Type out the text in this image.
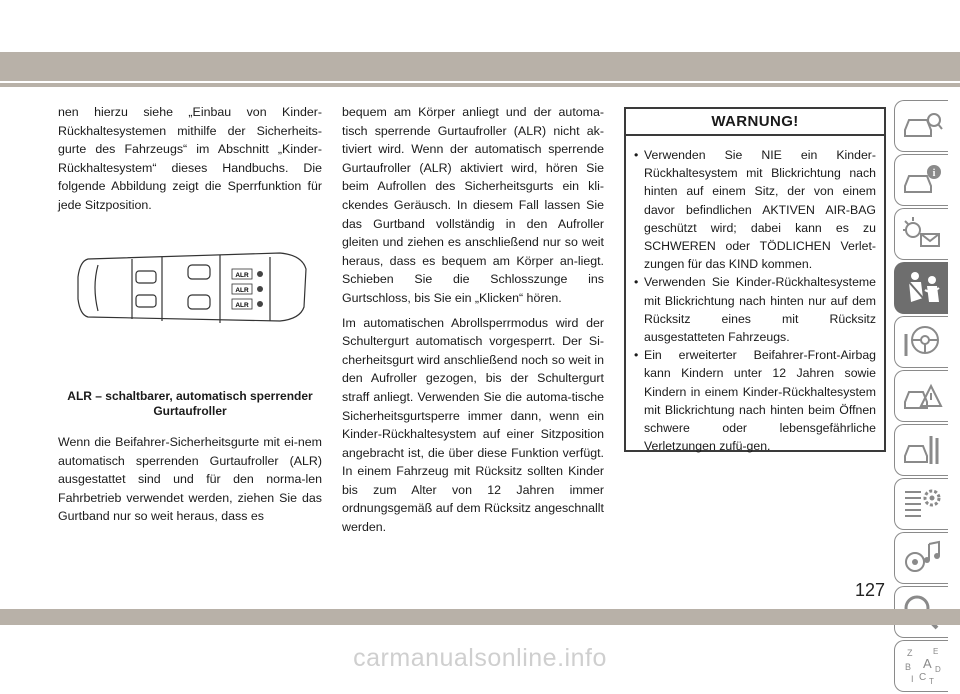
nen hierzu siehe „Einbau von Kinder-Rückhaltesystemen mithilfe der Sicherheits-gurte des Fahrzeugs“ im Abschnitt „Kinder-Rückhaltesystem“ dieses Handbuchs. Die folgende Abbildung zeigt die Sperrfunktion für jede Sitzposition.

ALR
ALR
ALR
ALR – schaltbarer, automatisch sperrender Gurtaufroller

Wenn die Beifahrer-Sicherheitsgurte mit ei-nem automatisch sperrenden Gurtaufroller (ALR) ausgestattet sind und für den norma-len Fahrbetrieb verwendet werden, ziehen Sie das Gurtband nur so weit heraus, dass es

bequem am Körper anliegt und der automa-tisch sperrende Gurtaufroller (ALR) nicht ak-tiviert wird. Wenn der automatisch sperrende Gurtaufroller (ALR) aktiviert wird, hören Sie beim Aufrollen des Sicherheitsgurts ein kli-ckendes Geräusch. In diesem Fall lassen Sie das Gurtband vollständig in den Aufroller gleiten und ziehen es anschließend nur so weit heraus, dass es bequem am Körper an-liegt. Schieben Sie die Schlosszunge ins Gurtschloss, bis Sie ein „Klicken“ hören.

Im automatischen Abrollsperrmodus wird der Schultergurt automatisch vorgesperrt. Der Si-cherheitsgurt wird anschließend noch so weit in den Aufroller gezogen, bis der Schultergurt straff anliegt. Verwenden Sie die automa-tische Sicherheitsgurtsperre immer dann, wenn ein Kinder-Rückhaltesystem auf einer Sitzposition angebracht ist, die über diese Funktion verfügt. In einem Fahrzeug mit Rücksitz sollten Kinder bis zum Alter von 12 Jahren immer ordnungsgemäß auf dem Rücksitz angeschnallt werden.

WARNUNG!
• Verwenden Sie NIE ein Kinder-Rückhaltesystem mit Blickrichtung nach hinten auf einem Sitz, der von einem davor befindlichen AKTIVEN AIR-BAG geschützt wird; dabei kann es zu SCHWEREN oder TÖDLICHEN Verlet-zungen für das KIND kommen.
• Verwenden Sie Kinder-Rückhaltesysteme mit Blickrichtung nach hinten nur auf dem Rücksitz eines mit Rücksitz ausgestatteten Fahrzeugs.
• Ein erweiterter Beifahrer-Front-Airbag kann Kindern unter 12 Jahren sowie Kindern in einem Kinder-Rückhaltesystem mit Blickrichtung nach hinten beim Öffnen schwere oder lebensgefährliche Verletzungen zufü-gen.
i
Z	E
B A D
I C T
127
carmanualsonline.info
